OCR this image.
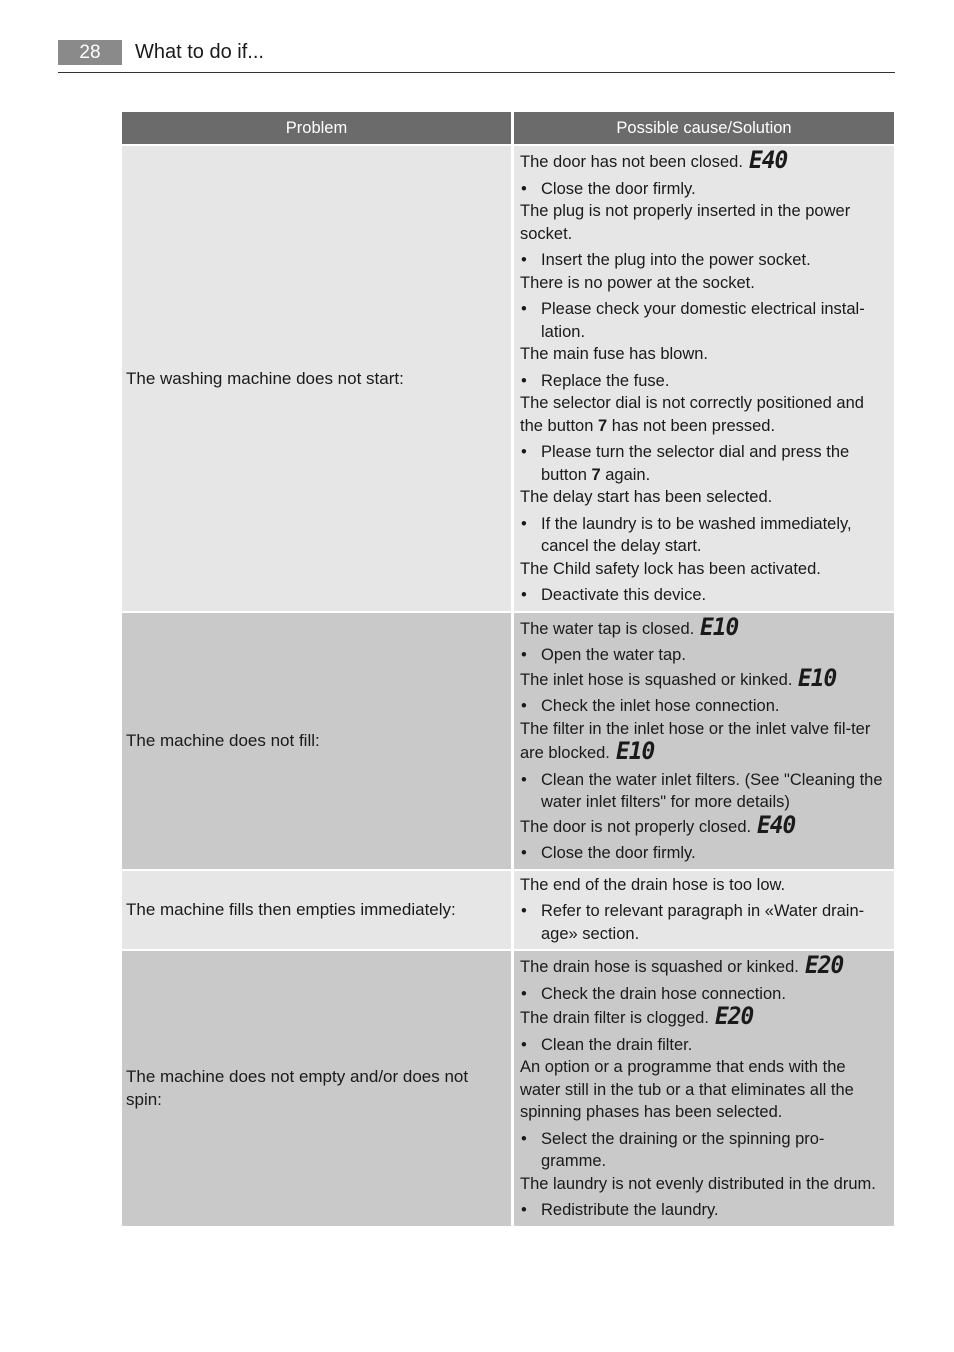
28	What to do if...
Problem	Possible cause/Solution
The washing machine does not start:

The door has not been closed. E40

• Close the door firmly.

The plug is not properly inserted in the power socket.

• Insert the plug into the power socket.

There is no power at the socket.

• Please check your domestic electrical instal-lation.

The main fuse has blown.

• Replace the fuse.

The selector dial is not correctly positioned and the button 7 has not been pressed.

• Please turn the selector dial and press the button 7 again.

The delay start has been selected.

• If the laundry is to be washed immediately, cancel the delay start.

The Child safety lock has been activated.

• Deactivate this device.

The machine does not fill:

The water tap is closed. E10

• Open the water tap.

The inlet hose is squashed or kinked. E10

• Check the inlet hose connection.

The filter in the inlet hose or the inlet valve fil-ter are blocked. E10

• Clean the water inlet filters. (See "Cleaning the water inlet filters" for more details)

The door is not properly closed. E40

• Close the door firmly.

The machine fills then empties immediately:

The end of the drain hose is too low.

• Refer to relevant paragraph in «Water drain-age» section.

The machine does not empty and/or does not spin:

The drain hose is squashed or kinked. E20

• Check the drain hose connection.

The drain filter is clogged. E20

• Clean the drain filter.

An option or a programme that ends with the water still in the tub or a that eliminates all the spinning phases has been selected.

• Select the draining or the spinning pro-gramme.

The laundry is not evenly distributed in the drum.

• Redistribute the laundry.
